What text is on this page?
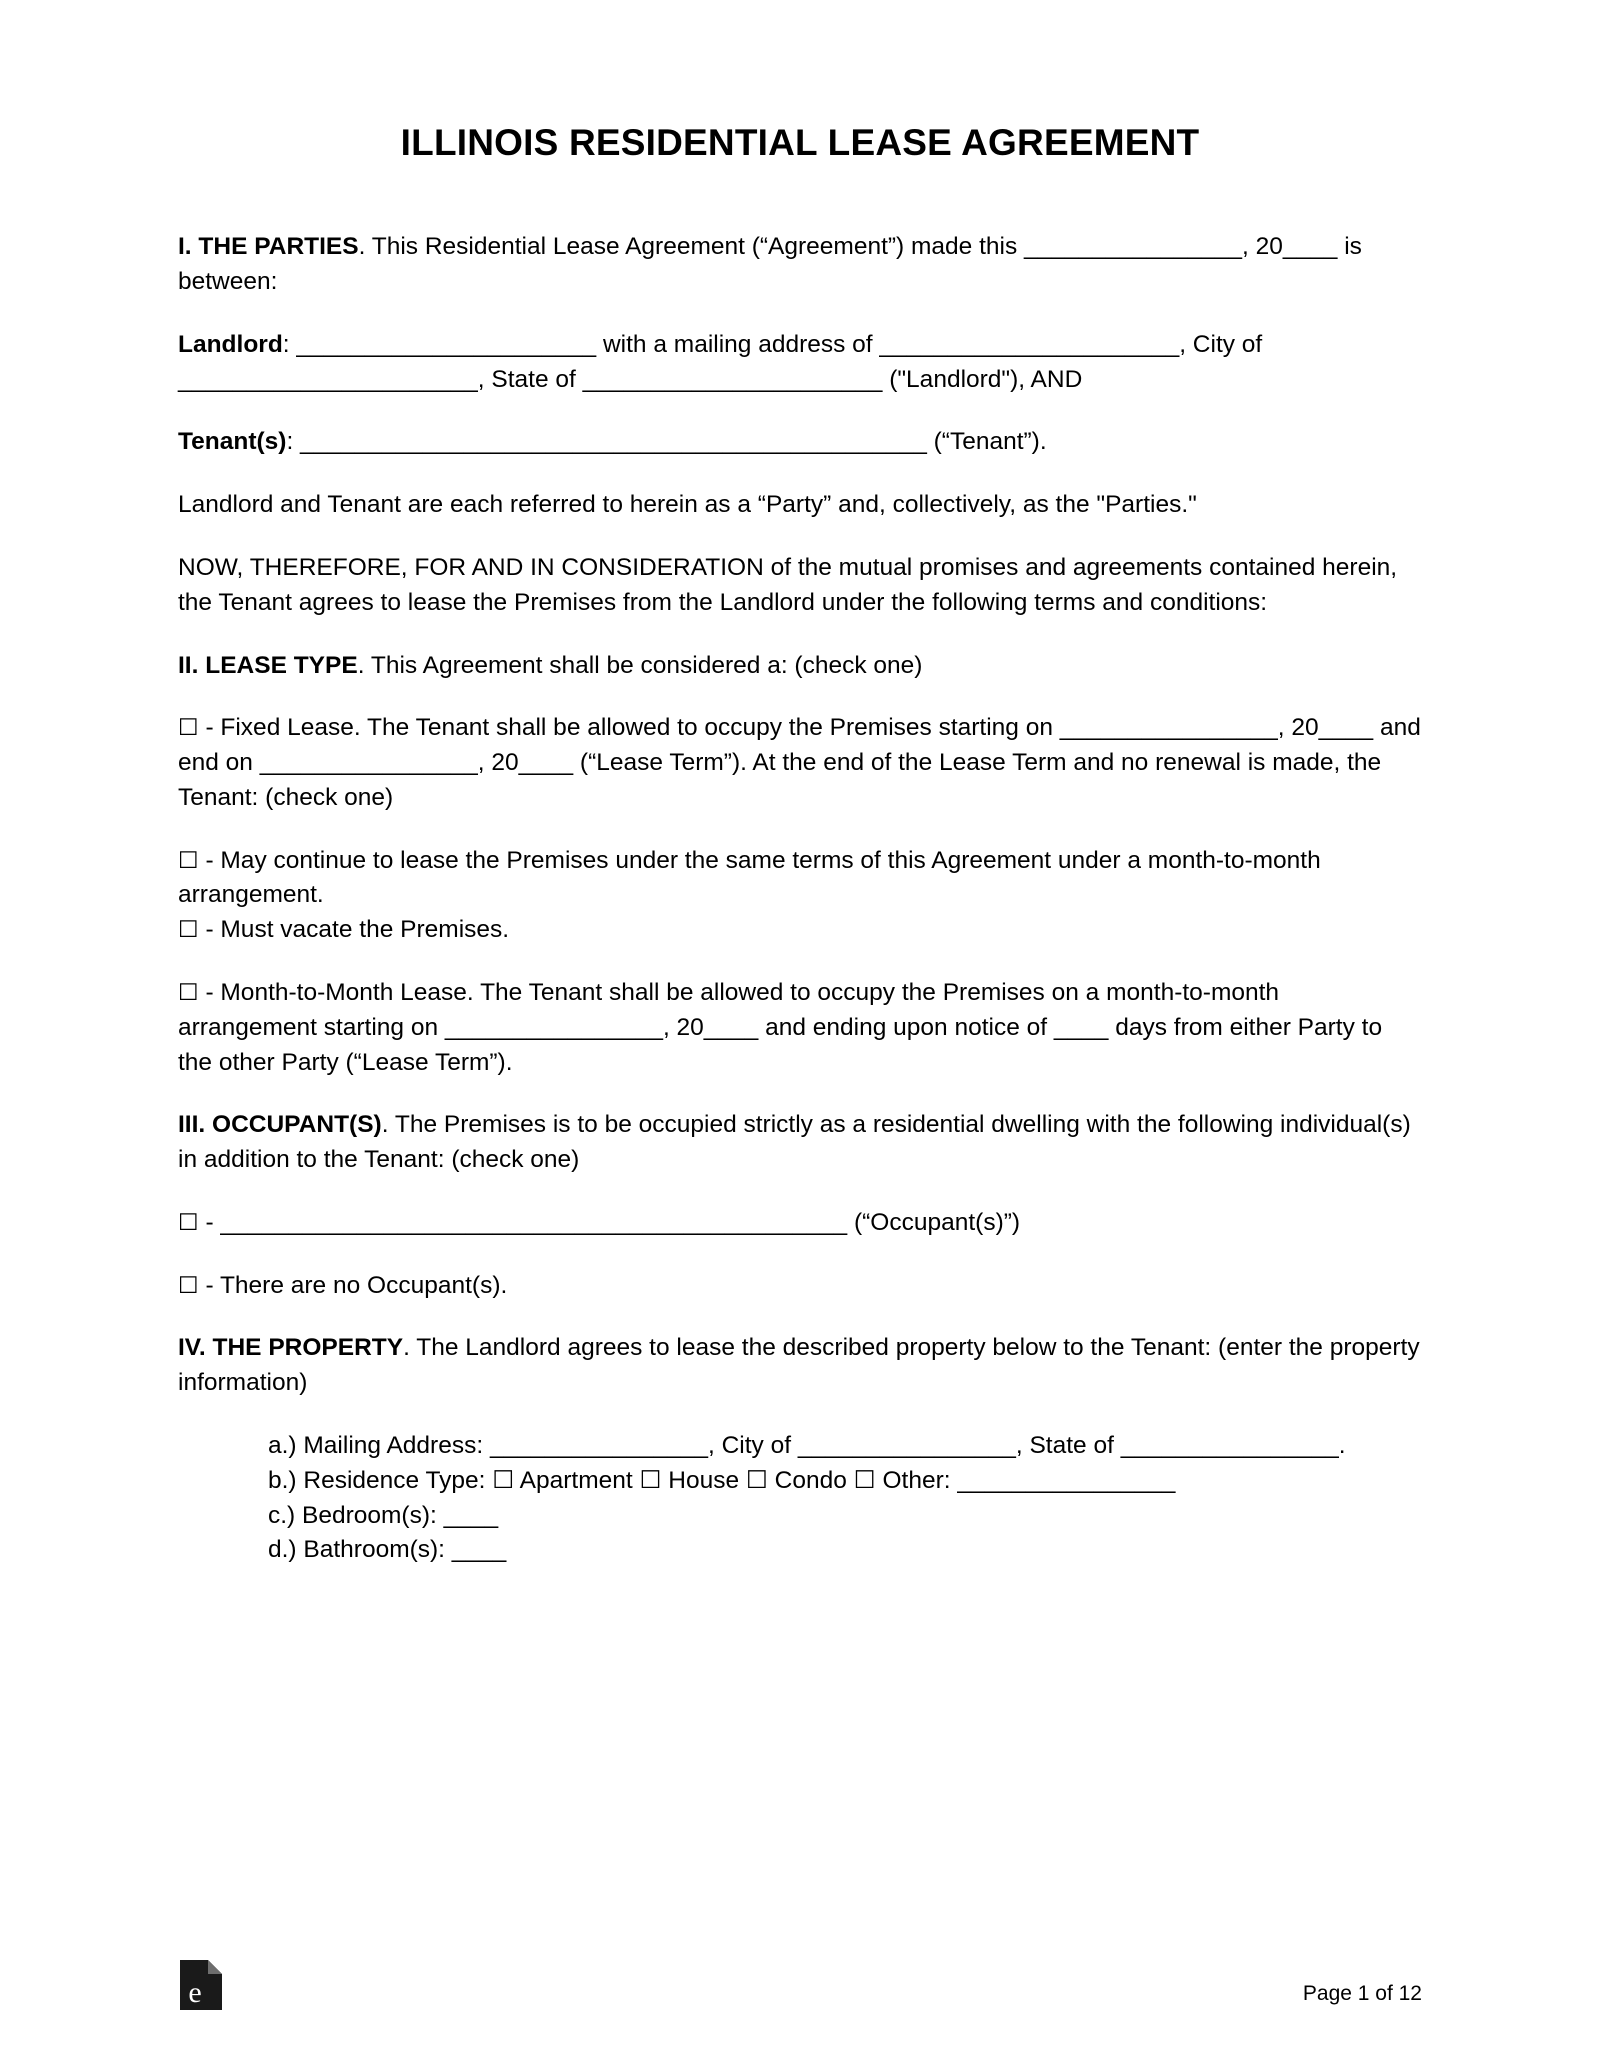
ILLINOIS RESIDENTIAL LEASE AGREEMENT

I. THE PARTIES. This Residential Lease Agreement (“Agreement”) made this ________________, 20____ is between:

Landlord: ______________________ with a mailing address of ______________________, City of ______________________, State of ______________________ ("Landlord"), AND

Tenant(s): ______________________________________________ (“Tenant”).

Landlord and Tenant are each referred to herein as a “Party” and, collectively, as the "Parties."

NOW, THEREFORE, FOR AND IN CONSIDERATION of the mutual promises and agreements contained herein, the Tenant agrees to lease the Premises from the Landlord under the following terms and conditions:

II. LEASE TYPE. This Agreement shall be considered a: (check one)

☐ - Fixed Lease. The Tenant shall be allowed to occupy the Premises starting on ________________, 20____ and end on ________________, 20____ (“Lease Term”). At the end of the Lease Term and no renewal is made, the Tenant: (check one)

☐ - May continue to lease the Premises under the same terms of this Agreement under a month-to-month arrangement.

☐ - Must vacate the Premises.

☐ - Month-to-Month Lease. The Tenant shall be allowed to occupy the Premises on a month-to-month arrangement starting on ________________, 20____ and ending upon notice of ____ days from either Party to the other Party (“Lease Term”).

III. OCCUPANT(S). The Premises is to be occupied strictly as a residential dwelling with the following individual(s) in addition to the Tenant: (check one)

☐ - ______________________________________________ (“Occupant(s)”)

☐ - There are no Occupant(s).

IV. THE PROPERTY. The Landlord agrees to lease the described property below to the Tenant: (enter the property information)

a.) Mailing Address: ________________, City of ________________, State of ________________.

b.) Residence Type: ☐ Apartment ☐ House ☐ Condo ☐ Other: ________________

c.) Bedroom(s): ____

d.) Bathroom(s): ____

e	Page 1 of 12
